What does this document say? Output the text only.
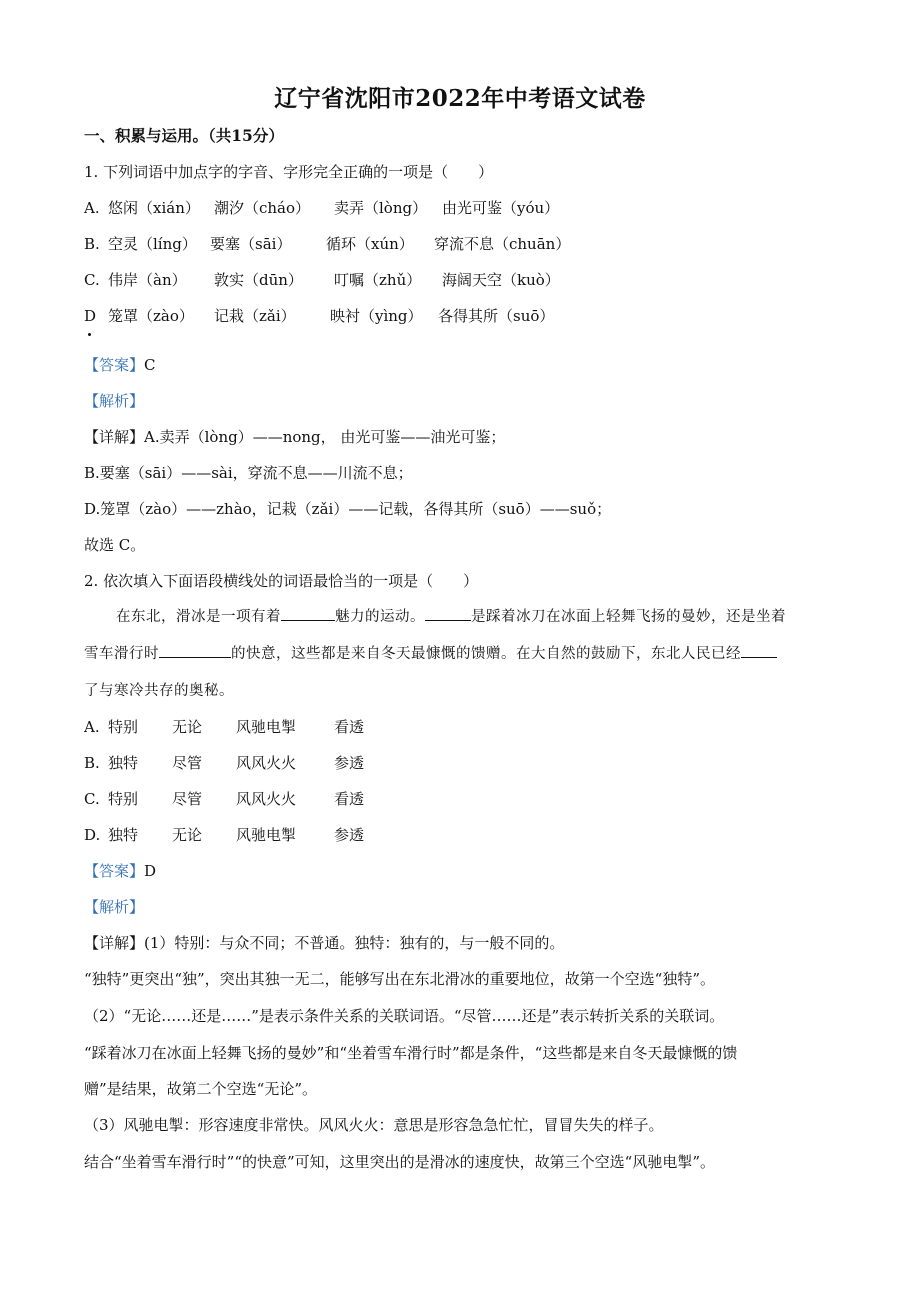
辽宁省沈阳市2022年中考语文试卷
一、积累与运用。（共15分）
1. 下列词语中加点字的字音、字形完全正确的一项是（　　）
A. 悠闲（xián） 潮汐（cháo） 卖弄（lòng） 由光可鉴（yóu）
B. 空灵（líng） 要塞（sāi） 循环（xún） 穿流不息（chuān）
C. 伟岸（àn） 敦实（dūn） 叮嘱（zhǔ） 海阔天空（kuò）
D 笼罩（zào） 记栽（zǎi） 映衬（yìng） 各得其所（suō）
【答案】C
【解析】
【详解】A.卖弄（lòng）——nong， 由光可鉴——油光可鉴；
B.要塞（sāi）——sài，穿流不息——川流不息；
D.笼罩（zào）——zhào，记栽（zǎi）——记载，各得其所（suō）——suǒ；
故选 C。
2. 依次填入下面语段横线处的词语最恰当的一项是（　　）
在东北，滑冰是一项有着	魅力的运动。	是踩着冰刀在冰面上轻舞飞扬的曼妙，还是坐着
雪车滑行时	的快意，这些都是来自冬天最慷慨的馈赠。在大自然的鼓励下，东北人民已经
了与寒冷共存的奥秘。
A. 特别 无论 风驰电掣	看透
B. 独特 尽管 风风火火	参透
C. 特别 尽管 风风火火	看透
D. 独特 无论 风驰电掣	参透
【答案】D
【解析】
【详解】(1）特别：与众不同；不普通。独特：独有的，与一般不同的。
“独特”更突出“独”，突出其独一无二，能够写出在东北滑冰的重要地位，故第一个空选“独特”。
（2）“无论……还是……”是表示条件关系的关联词语。“尽管……还是”表示转折关系的关联词。
“踩着冰刀在冰面上轻舞飞扬的曼妙”和“坐着雪车滑行时”都是条件，“这些都是来自冬天最慷慨的馈
赠”是结果，故第二个空选“无论”。
（3）风驰电掣：形容速度非常快。风风火火：意思是形容急急忙忙，冒冒失失的样子。
结合“坐着雪车滑行时”“的快意”可知，这里突出的是滑冰的速度快，故第三个空选“风驰电掣”。
